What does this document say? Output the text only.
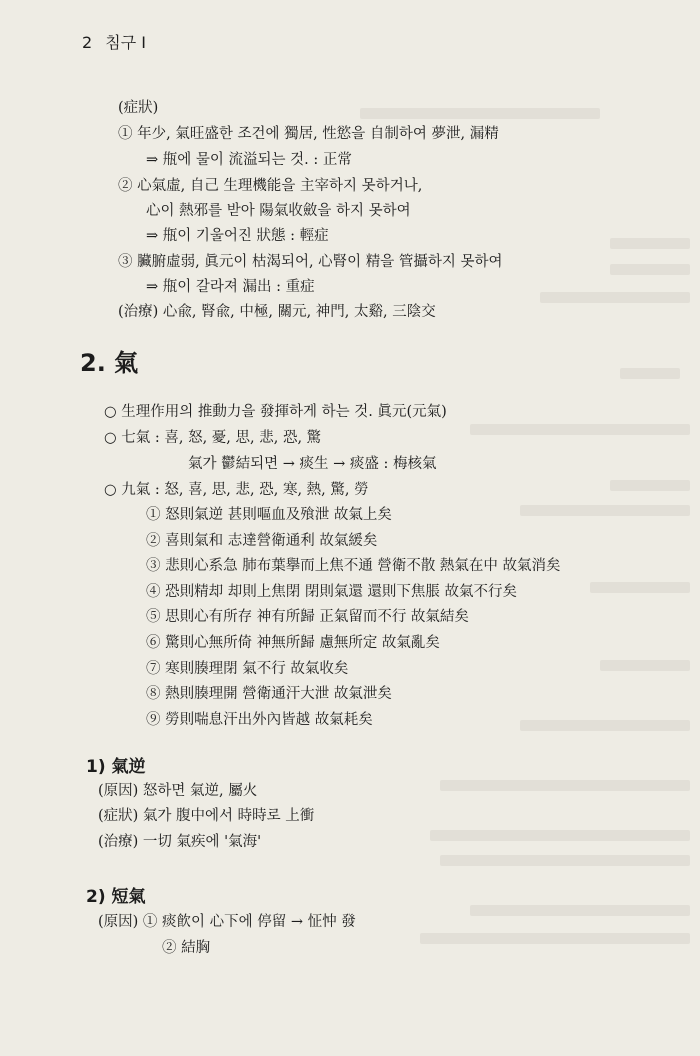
2 침구 I
(症狀)
① 年少, 氣旺盛한 조건에 獨居, 性慾을 自制하여 夢泄, 漏精
⇒ 甁에 물이 流溢되는 것. : 正常
② 心氣虛, 自己 生理機能을 主宰하지 못하거나,
心이 熱邪를 받아 陽氣收斂을 하지 못하여
⇒ 甁이 기울어진 狀態 : 輕症
③ 臟腑虛弱, 眞元이 枯渴되어, 心腎이 精을 管攝하지 못하여
⇒ 甁이 갈라져 漏出 : 重症
(治療) 心兪, 腎兪, 中極, 關元, 神門, 太谿, 三陰交
2. 氣
○ 生理作用의 推動力을 發揮하게 하는 것. 眞元(元氣)
○ 七氣 : 喜, 怒, 憂, 思, 悲, 恐, 驚
氣가 鬱結되면 → 痰生 → 痰盛 : 梅核氣
○ 九氣 : 怒, 喜, 思, 悲, 恐, 寒, 熱, 驚, 勞
① 怒則氣逆 甚則嘔血及飱泄 故氣上矣
② 喜則氣和 志達營衛通利 故氣緩矣
③ 悲則心系急 肺布葉擧而上焦不通 營衛不散 熱氣在中 故氣消矣
④ 恐則精却 却則上焦閉 閉則氣還 還則下焦脹 故氣不行矣
⑤ 思則心有所存 神有所歸 正氣留而不行 故氣結矣
⑥ 驚則心無所倚 神無所歸 慮無所定 故氣亂矣
⑦ 寒則腠理閉 氣不行 故氣收矣
⑧ 熱則腠理開 營衛通汗大泄 故氣泄矣
⑨ 勞則喘息汗出外內皆越 故氣耗矣
1) 氣逆
(原因) 怒하면 氣逆, 屬火
(症狀) 氣가 腹中에서 時時로 上衝
(治療) 一切 氣疾에 '氣海'
2) 短氣
(原因) ① 痰飮이 心下에 停留 → 怔忡 發
② 結胸
